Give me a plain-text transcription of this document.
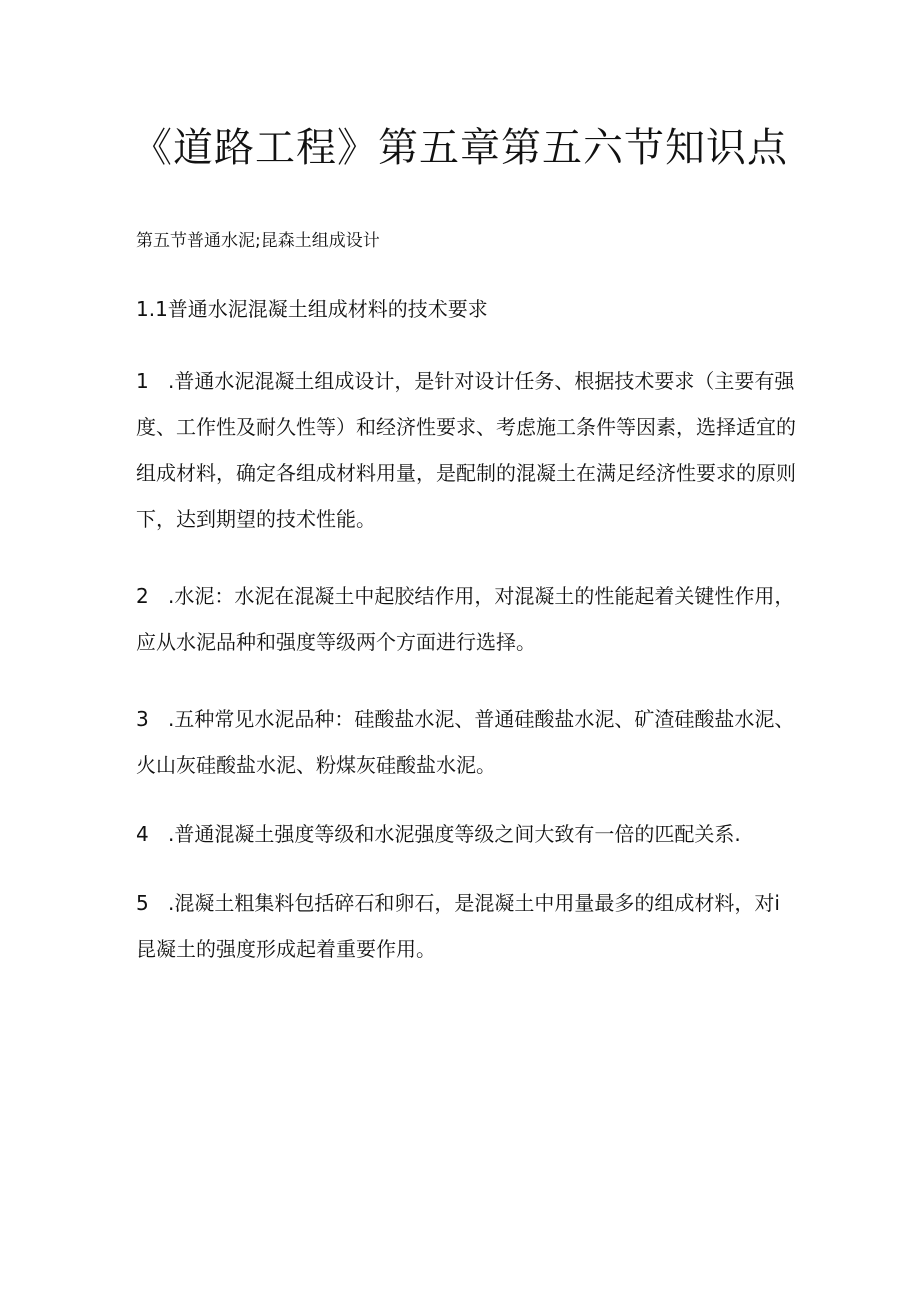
《道路工程》第五章第五六节知识点

第五节普通水泥;昆森土组成设计

1.1普通水泥混凝土组成材料的技术要求

1 .普通水泥混凝土组成设计，是针对设计任务、根据技术要求（主要有强度、工作性及耐久性等）和经济性要求、考虑施工条件等因素，选择适宜的组成材料，确定各组成材料用量，是配制的混凝土在满足经济性要求的原则下，达到期望的技术性能。

2 .水泥：水泥在混凝土中起胶结作用，对混凝土的性能起着关键性作用，应从水泥品种和强度等级两个方面进行选择。

3 .五种常见水泥品种：硅酸盐水泥、普通硅酸盐水泥、矿渣硅酸盐水泥、火山灰硅酸盐水泥、粉煤灰硅酸盐水泥。

4 .普通混凝土强度等级和水泥强度等级之间大致有一倍的匹配关系.

5 .混凝土粗集料包括碎石和卵石，是混凝土中用量最多的组成材料，对i昆凝土的强度形成起着重要作用。
